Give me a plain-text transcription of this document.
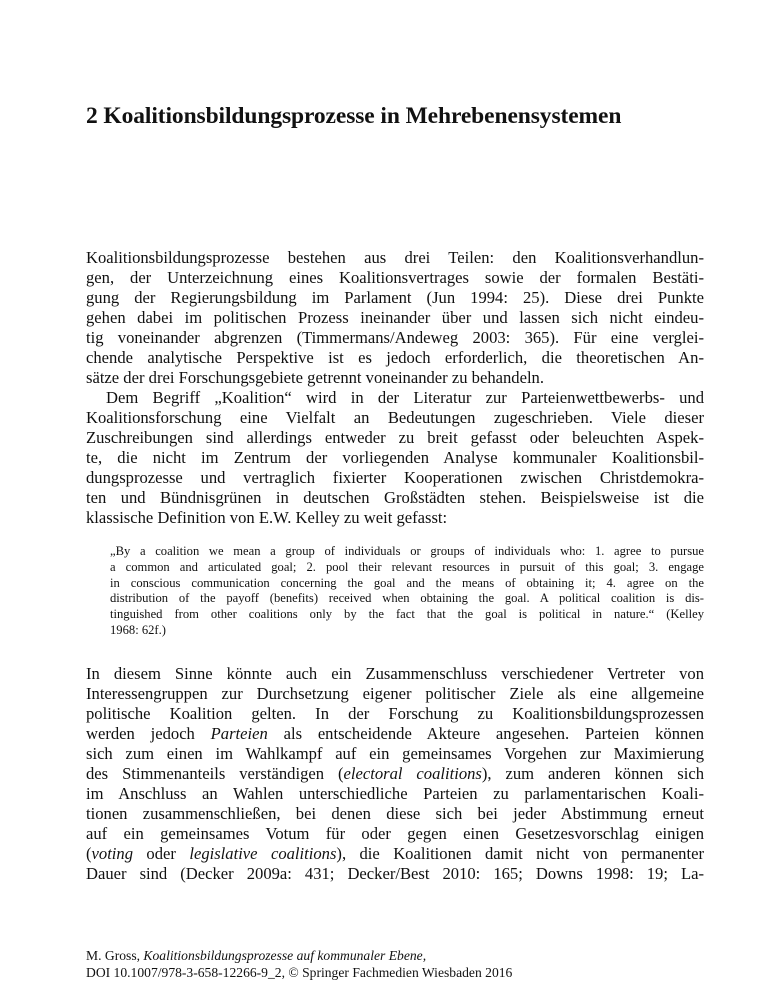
2 Koalitionsbildungsprozesse in Mehrebenensystemen
Koalitionsbildungsprozesse bestehen aus drei Teilen: den Koalitionsverhandlun-
gen, der Unterzeichnung eines Koalitionsvertrages sowie der formalen Bestäti-
gung der Regierungsbildung im Parlament (Jun 1994: 25). Diese drei Punkte
gehen dabei im politischen Prozess ineinander über und lassen sich nicht eindeu-
tig voneinander abgrenzen (Timmermans/Andeweg 2003: 365). Für eine verglei-
chende analytische Perspektive ist es jedoch erforderlich, die theoretischen An-
sätze der drei Forschungsgebiete getrennt voneinander zu behandeln.
Dem Begriff „Koalition“ wird in der Literatur zur Parteienwettbewerbs- und
Koalitionsforschung eine Vielfalt an Bedeutungen zugeschrieben. Viele dieser
Zuschreibungen sind allerdings entweder zu breit gefasst oder beleuchten Aspek-
te, die nicht im Zentrum der vorliegenden Analyse kommunaler Koalitionsbil-
dungsprozesse und vertraglich fixierter Kooperationen zwischen Christdemokra-
ten und Bündnisgrünen in deutschen Großstädten stehen. Beispielsweise ist die
klassische Definition von E.W. Kelley zu weit gefasst:
„By a coalition we mean a group of individuals or groups of individuals who: 1. agree to pursue
a common and articulated goal; 2. pool their relevant resources in pursuit of this goal; 3. engage
in conscious communication concerning the goal and the means of obtaining it; 4. agree on the
distribution of the payoff (benefits) received when obtaining the goal. A political coalition is dis-
tinguished from other coalitions only by the fact that the goal is political in nature.“ (Kelley
1968: 62f.)
In diesem Sinne könnte auch ein Zusammenschluss verschiedener Vertreter von
Interessengruppen zur Durchsetzung eigener politischer Ziele als eine allgemeine
politische Koalition gelten. In der Forschung zu Koalitionsbildungsprozessen
werden jedoch Parteien als entscheidende Akteure angesehen. Parteien können
sich zum einen im Wahlkampf auf ein gemeinsames Vorgehen zur Maximierung
des Stimmenanteils verständigen (electoral coalitions), zum anderen können sich
im Anschluss an Wahlen unterschiedliche Parteien zu parlamentarischen Koali-
tionen zusammenschließen, bei denen diese sich bei jeder Abstimmung erneut
auf ein gemeinsames Votum für oder gegen einen Gesetzesvorschlag einigen
(voting oder legislative coalitions), die Koalitionen damit nicht von permanenter
Dauer sind (Decker 2009a: 431; Decker/Best 2010: 165; Downs 1998: 19; La-
M. Gross, Koalitionsbildungsprozesse auf kommunaler Ebene,
DOI 10.1007/978-3-658-12266-9_2, © Springer Fachmedien Wiesbaden 2016
